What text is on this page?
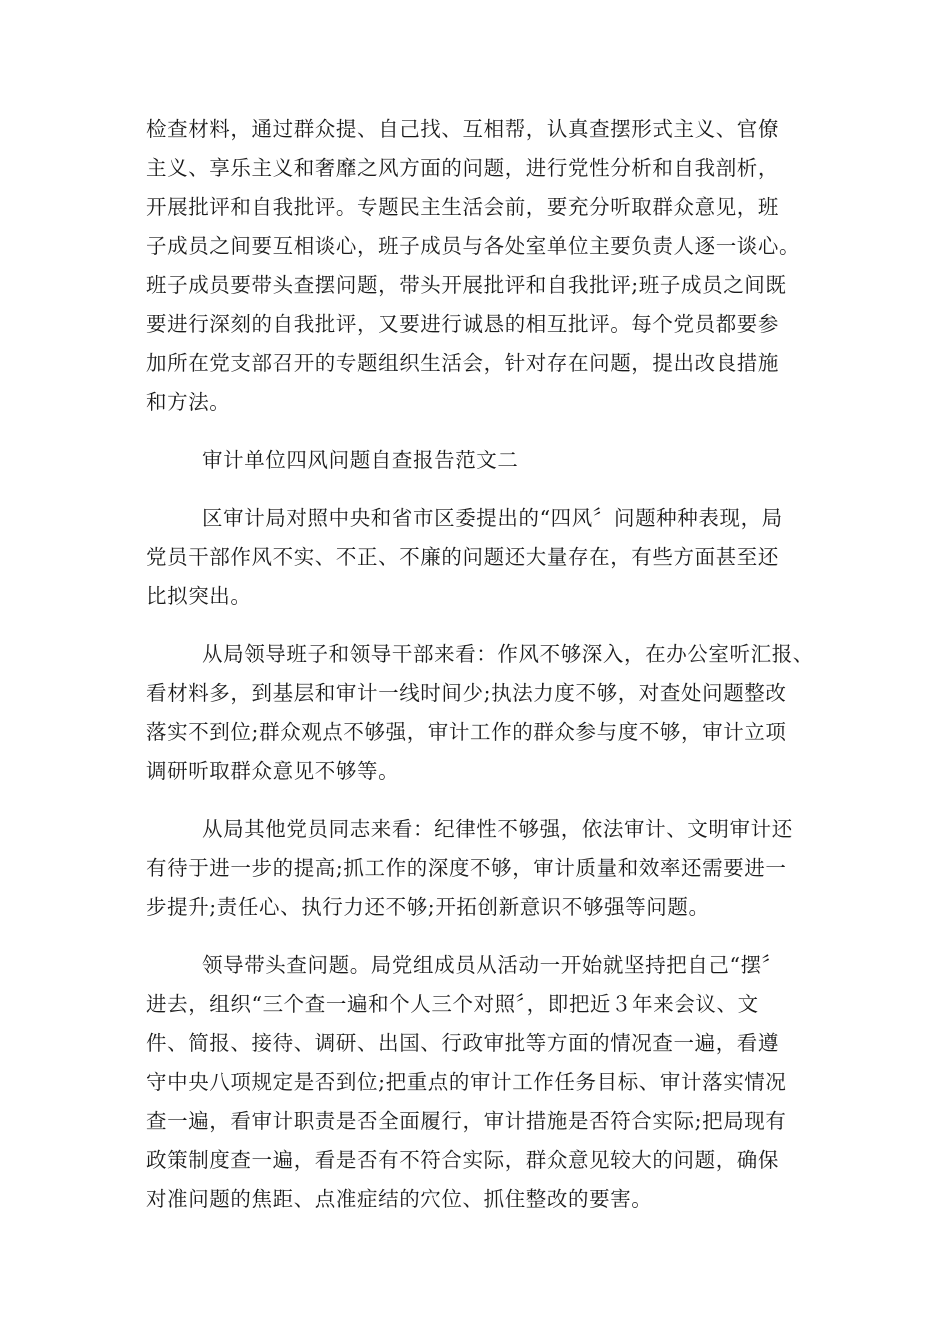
检查材料，通过群众提、自己找、互相帮，认真查摆形式主义、官僚
主义、享乐主义和奢靡之风方面的问题，进行党性分析和自我剖析，
开展批评和自我批评。专题民主生活会前，要充分听取群众意见，班
子成员之间要互相谈心，班子成员与各处室单位主要负责人逐一谈心。
班子成员要带头查摆问题，带头开展批评和自我批评;班子成员之间既
要进行深刻的自我批评，又要进行诚恳的相互批评。每个党员都要参
加所在党支部召开的专题组织生活会，针对存在问题，提出改良措施
和方法。
审计单位四风问题自查报告范文二
区审计局对照中央和省市区委提出的“四风〞问题种种表现，局
党员干部作风不实、不正、不廉的问题还大量存在，有些方面甚至还
比拟突出。
从局领导班子和领导干部来看：作风不够深入，在办公室听汇报、
看材料多，到基层和审计一线时间少;执法力度不够，对查处问题整改
落实不到位;群众观点不够强，审计工作的群众参与度不够，审计立项
调研听取群众意见不够等。
从局其他党员同志来看：纪律性不够强，依法审计、文明审计还
有待于进一步的提高;抓工作的深度不够，审计质量和效率还需要进一
步提升;责任心、执行力还不够;开拓创新意识不够强等问题。
领导带头查问题。局党组成员从活动一开始就坚持把自己“摆〞
进去，组织“三个查一遍和个人三个对照〞，即把近３年来会议、文
件、简报、接待、调研、出国、行政审批等方面的情况查一遍，看遵
守中央八项规定是否到位;把重点的审计工作任务目标、审计落实情况
查一遍，看审计职责是否全面履行，审计措施是否符合实际;把局现有
政策制度查一遍，看是否有不符合实际，群众意见较大的问题，确保
对准问题的焦距、点准症结的穴位、抓住整改的要害。
